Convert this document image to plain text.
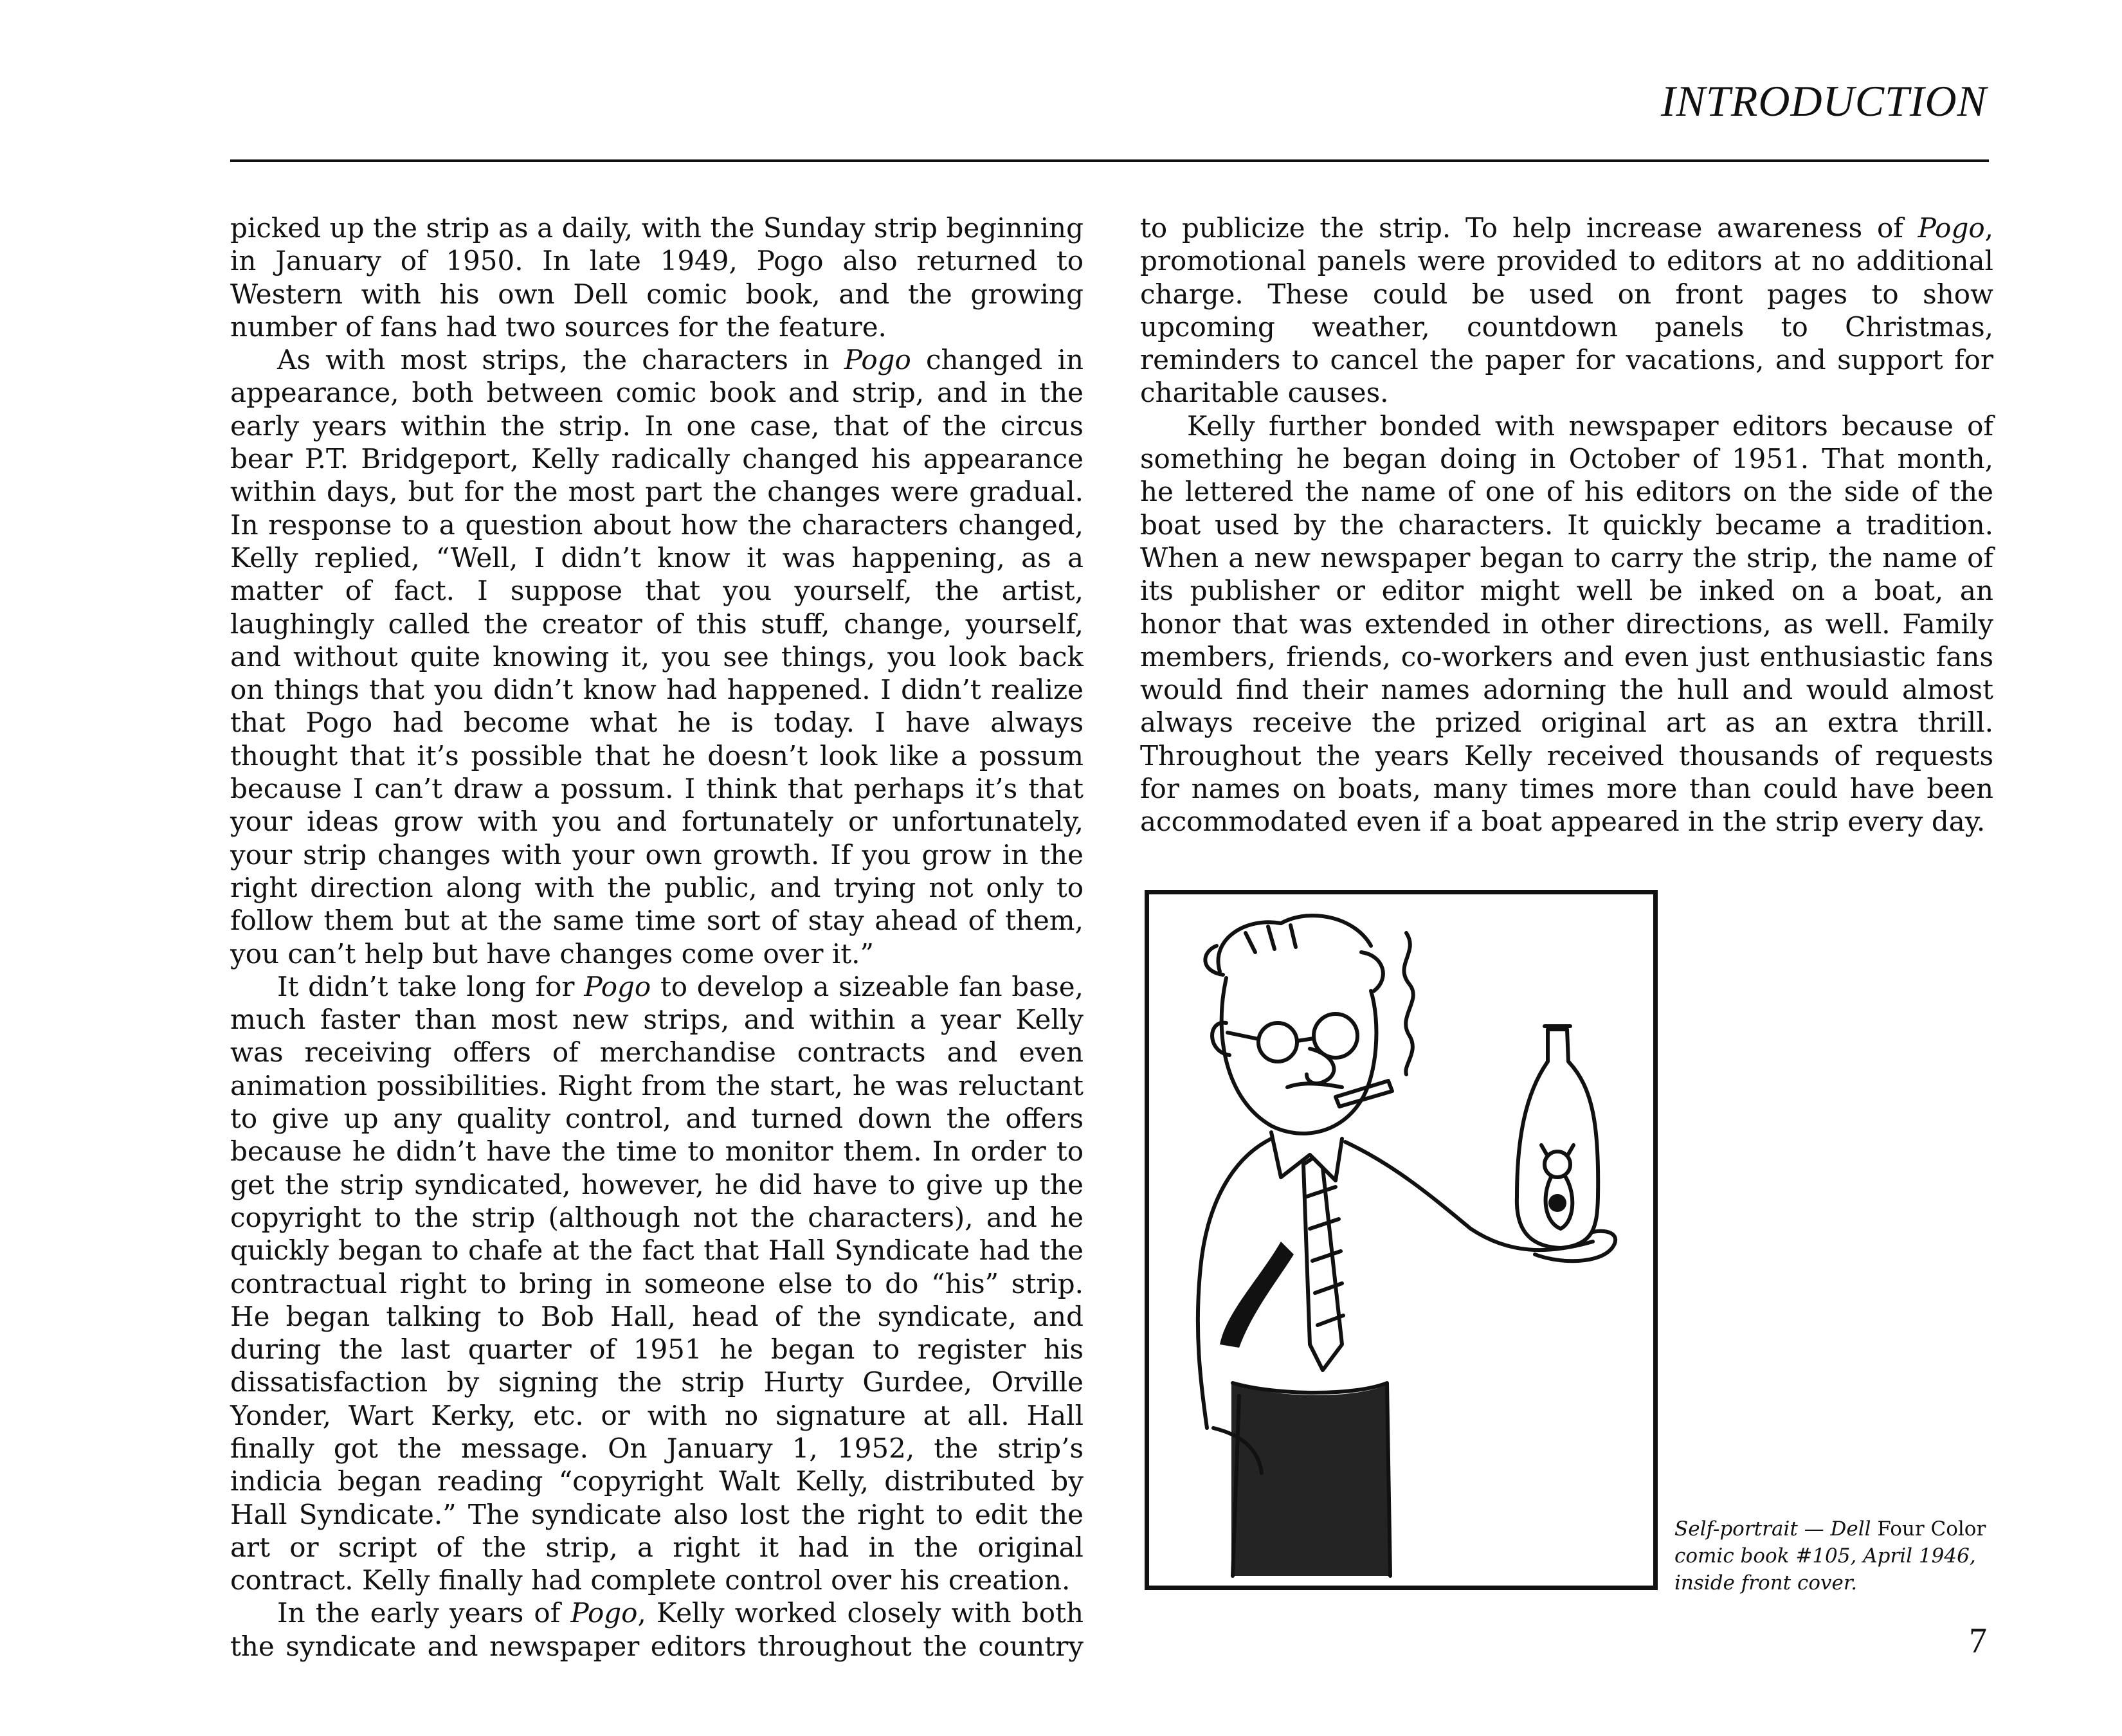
INTRODUCTION

picked up the strip as a daily, with the Sunday strip beginning in January of 1950. In late 1949, Pogo also returned to Western with his own Dell comic book, and the growing number of fans had two sources for the feature.

As with most strips, the characters in Pogo changed in appearance, both between comic book and strip, and in the early years within the strip. In one case, that of the circus bear P.T. Bridgeport, Kelly radically changed his appearance within days, but for the most part the changes were gradual. In response to a question about how the characters changed, Kelly replied, “Well, I didn’t know it was happening, as a matter of fact. I suppose that you yourself, the artist, laughingly called the creator of this stuff, change, yourself, and without quite knowing it, you see things, you look back on things that you didn’t know had happened. I didn’t realize that Pogo had become what he is today. I have always thought that it’s possible that he doesn’t look like a possum because I can’t draw a possum. I think that perhaps it’s that your ideas grow with you and fortunately or unfortunately, your strip changes with your own growth. If you grow in the right direction along with the public, and trying not only to follow them but at the same time sort of stay ahead of them, you can’t help but have changes come over it.”

It didn’t take long for Pogo to develop a sizeable fan base, much faster than most new strips, and within a year Kelly was receiving offers of merchandise contracts and even animation possibilities. Right from the start, he was reluctant to give up any quality control, and turned down the offers because he didn’t have the time to monitor them. In order to get the strip syndicated, however, he did have to give up the copyright to the strip (although not the characters), and he quickly began to chafe at the fact that Hall Syndicate had the contractual right to bring in someone else to do “his” strip. He began talking to Bob Hall, head of the syndicate, and during the last quarter of 1951 he began to register his dissatisfaction by signing the strip Hurty Gurdee, Orville Yonder, Wart Kerky, etc. or with no signature at all. Hall finally got the message. On January 1, 1952, the strip’s indicia began reading “copyright Walt Kelly, distributed by Hall Syndicate.” The syndicate also lost the right to edit the art or script of the strip, a right it had in the original contract. Kelly finally had complete control over his creation.

In the early years of Pogo, Kelly worked closely with both the syndicate and newspaper editors throughout the country

to publicize the strip. To help increase awareness of Pogo, promotional panels were provided to editors at no additional charge. These could be used on front pages to show upcoming weather, countdown panels to Christmas, reminders to cancel the paper for vacations, and support for charitable causes.

Kelly further bonded with newspaper editors because of something he began doing in October of 1951. That month, he lettered the name of one of his editors on the side of the boat used by the characters. It quickly became a tradition. When a new newspaper began to carry the strip, the name of its publisher or editor might well be inked on a boat, an honor that was extended in other directions, as well. Family members, friends, co-workers and even just enthusiastic fans would find their names adorning the hull and would almost always receive the prized original art as an extra thrill. Throughout the years Kelly received thousands of requests for names on boats, many times more than could have been accommodated even if a boat appeared in the strip every day.

Self-portrait — Dell Four Color comic book #105, April 1946, inside front cover.
7
